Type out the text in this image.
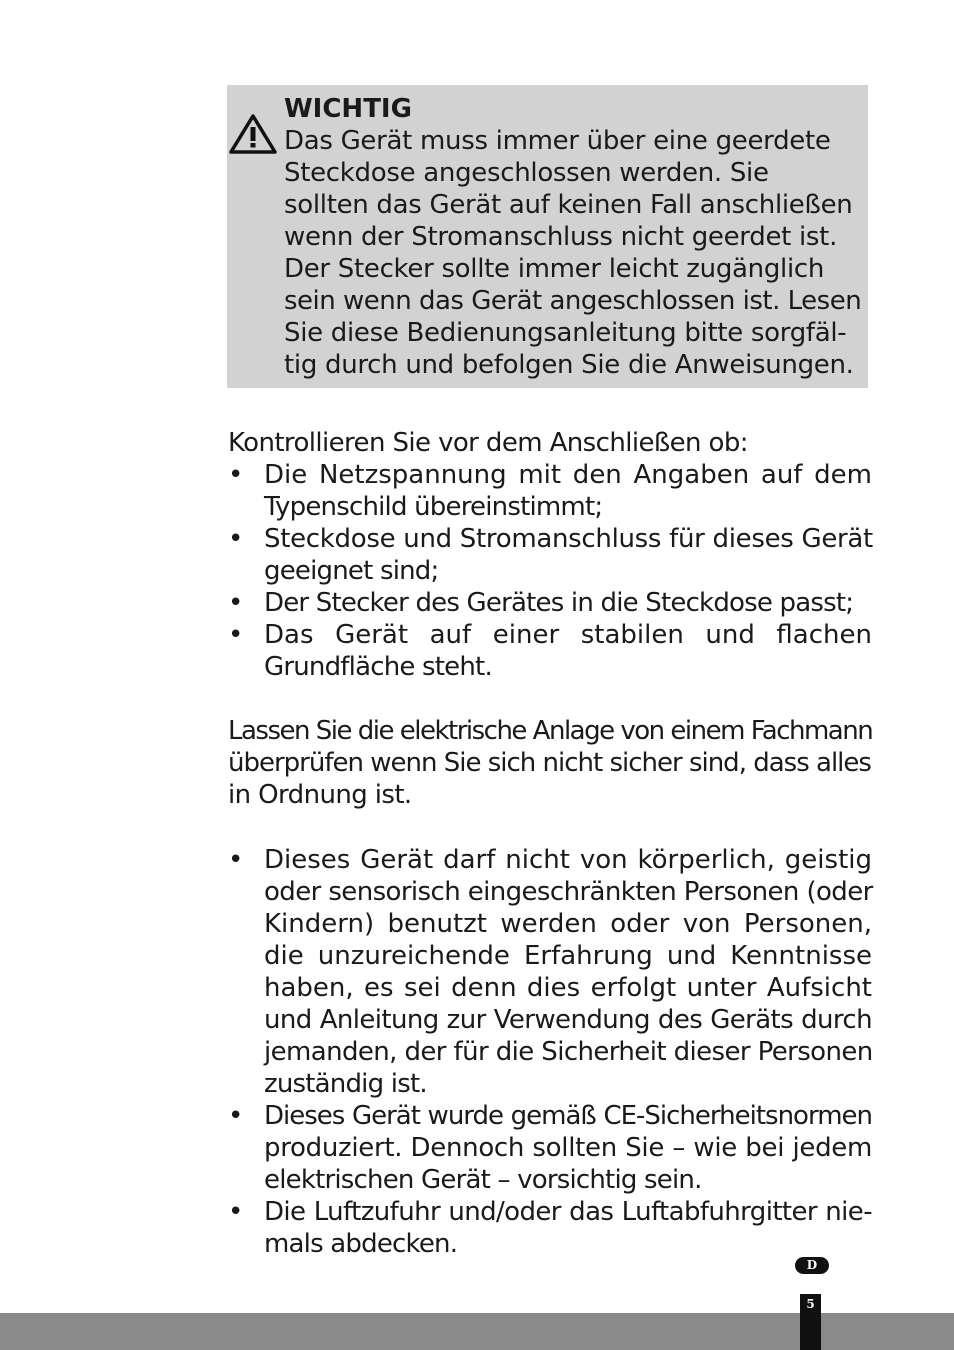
WICHTIG

Das Gerät muss immer über eine geerdete
Steckdose angeschlossen werden. Sie
sollten das Gerät auf keinen Fall anschließen
wenn der Stromanschluss nicht geerdet ist.
Der Stecker sollte immer leicht zugänglich
sein wenn das Gerät angeschlossen ist. Lesen
Sie diese Bedienungsanleitung bitte sorgfäl-
tig durch und befolgen Sie die Anweisungen.

Kontrollieren Sie vor dem Anschließen ob:

• Die Netzspannung mit den Angaben auf dem
Typenschild übereinstimmt;
• Steckdose und Stromanschluss für dieses Gerät
geeignet sind;
• Der Stecker des Gerätes in die Steckdose passt;
• Das Gerät auf einer stabilen und flachen
Grundfläche steht.

Lassen Sie die elektrische Anlage von einem Fachmann
überprüfen wenn Sie sich nicht sicher sind, dass alles
in Ordnung ist.

• Dieses Gerät darf nicht von körperlich, geistig
oder sensorisch eingeschränkten Personen (oder
Kindern) benutzt werden oder von Personen,
die unzureichende Erfahrung und Kenntnisse
haben, es sei denn dies erfolgt unter Aufsicht
und Anleitung zur Verwendung des Geräts durch
jemanden, der für die Sicherheit dieser Personen
zuständig ist.
• Dieses Gerät wurde gemäß CE-Sicherheitsnormen
produziert. Dennoch sollten Sie – wie bei jedem
elektrischen Gerät – vorsichtig sein.
• Die Luftzufuhr und/oder das Luftabfuhrgitter nie-
mals abdecken.
D
5
